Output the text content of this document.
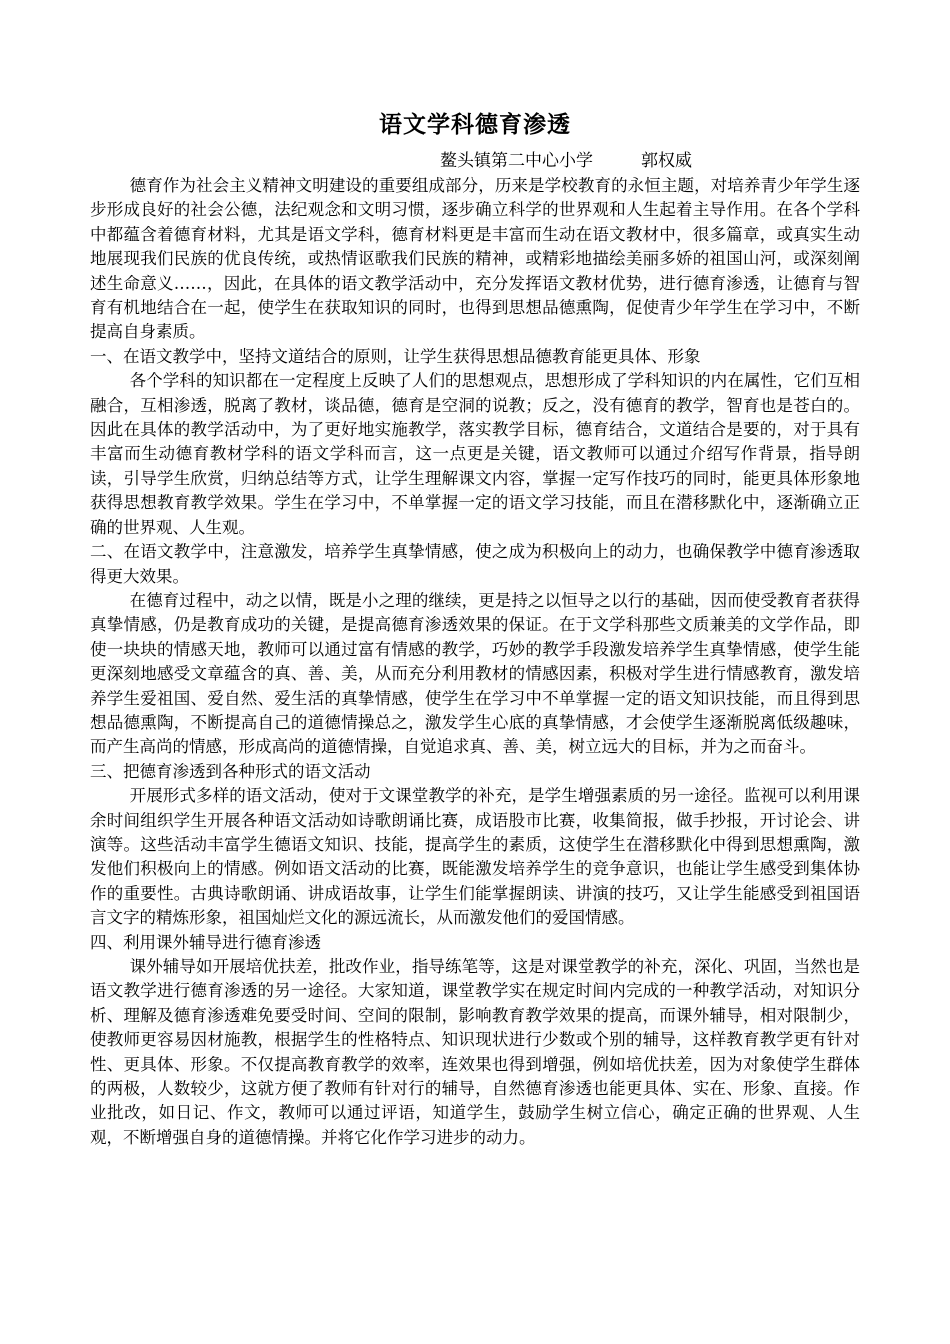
语文学科德育渗透
鳌头镇第二中心小学	郭权威

德育作为社会主义精神文明建设的重要组成部分，历来是学校教育的永恒主题，对培养青少年学生逐步形成良好的社会公德，法纪观念和文明习惯，逐步确立科学的世界观和人生起着主导作用。在各个学科中都蕴含着德育材料，尤其是语文学科，德育材料更是丰富而生动在语文教材中，很多篇章，或真实生动地展现我们民族的优良传统，或热情讴歌我们民族的精神，或精彩地描绘美丽多娇的祖国山河，或深刻阐述生命意义……，因此，在具体的语文教学活动中，充分发挥语文教材优势，进行德育渗透，让德育与智育有机地结合在一起，使学生在获取知识的同时，也得到思想品德熏陶，促使青少年学生在学习中，不断提高自身素质。

一、在语文教学中，坚持文道结合的原则，让学生获得思想品德教育能更具体、形象

各个学科的知识都在一定程度上反映了人们的思想观点，思想形成了学科知识的内在属性，它们互相融合，互相渗透，脱离了教材，谈品德，德育是空洞的说教；反之，没有德育的教学，智育也是苍白的。因此在具体的教学活动中，为了更好地实施教学，落实教学目标，德育结合，文道结合是要的，对于具有丰富而生动德育教材学科的语文学科而言，这一点更是关键，语文教师可以通过介绍写作背景，指导朗读，引导学生欣赏，归纳总结等方式，让学生理解课文内容，掌握一定写作技巧的同时，能更具体形象地获得思想教育教学效果。学生在学习中，不单掌握一定的语文学习技能，而且在潜移默化中，逐渐确立正确的世界观、人生观。

二、在语文教学中，注意激发，培养学生真挚情感，使之成为积极向上的动力，也确保教学中德育渗透取得更大效果。

在德育过程中，动之以情，既是小之理的继续，更是持之以恒导之以行的基础，因而使受教育者获得真挚情感，仍是教育成功的关键，是提高德育渗透效果的保证。在于文学科那些文质兼美的文学作品，即使一块块的情感天地，教师可以通过富有情感的教学，巧妙的教学手段激发培养学生真挚情感，使学生能更深刻地感受文章蕴含的真、善、美，从而充分利用教材的情感因素，积极对学生进行情感教育，激发培养学生爱祖国、爱自然、爱生活的真挚情感，使学生在学习中不单掌握一定的语文知识技能，而且得到思想品德熏陶，不断提高自己的道德情操总之，激发学生心底的真挚情感，才会使学生逐渐脱离低级趣味，而产生高尚的情感，形成高尚的道德情操，自觉追求真、善、美，树立远大的目标，并为之而奋斗。

三、把德育渗透到各种形式的语文活动

开展形式多样的语文活动，使对于文课堂教学的补充，是学生增强素质的另一途径。监视可以利用课余时间组织学生开展各种语文活动如诗歌朗诵比赛，成语股市比赛，收集简报，做手抄报，开讨论会、讲演等。这些活动丰富学生德语文知识、技能，提高学生的素质，这使学生在潜移默化中得到思想熏陶，激发他们积极向上的情感。例如语文活动的比赛，既能激发培养学生的竞争意识，也能让学生感受到集体协作的重要性。古典诗歌朗诵、讲成语故事，让学生们能掌握朗读、讲演的技巧，又让学生能感受到祖国语言文字的精炼形象，祖国灿烂文化的源远流长，从而激发他们的爱国情感。

四、利用课外辅导进行德育渗透

课外辅导如开展培优扶差，批改作业，指导练笔等，这是对课堂教学的补充，深化、巩固，当然也是语文教学进行德育渗透的另一途径。大家知道，课堂教学实在规定时间内完成的一种教学活动，对知识分析、理解及德育渗透难免要受时间、空间的限制，影响教育教学效果的提高，而课外辅导，相对限制少，使教师更容易因材施教，根据学生的性格特点、知识现状进行少数或个别的辅导，这样教育教学更有针对性、更具体、形象。不仅提高教育教学的效率，连效果也得到增强，例如培优扶差，因为对象使学生群体的两极，人数较少，这就方便了教师有针对行的辅导，自然德育渗透也能更具体、实在、形象、直接。作业批改，如日记、作文，教师可以通过评语，知道学生，鼓励学生树立信心，确定正确的世界观、人生观，不断增强自身的道德情操。并将它化作学习进步的动力。
